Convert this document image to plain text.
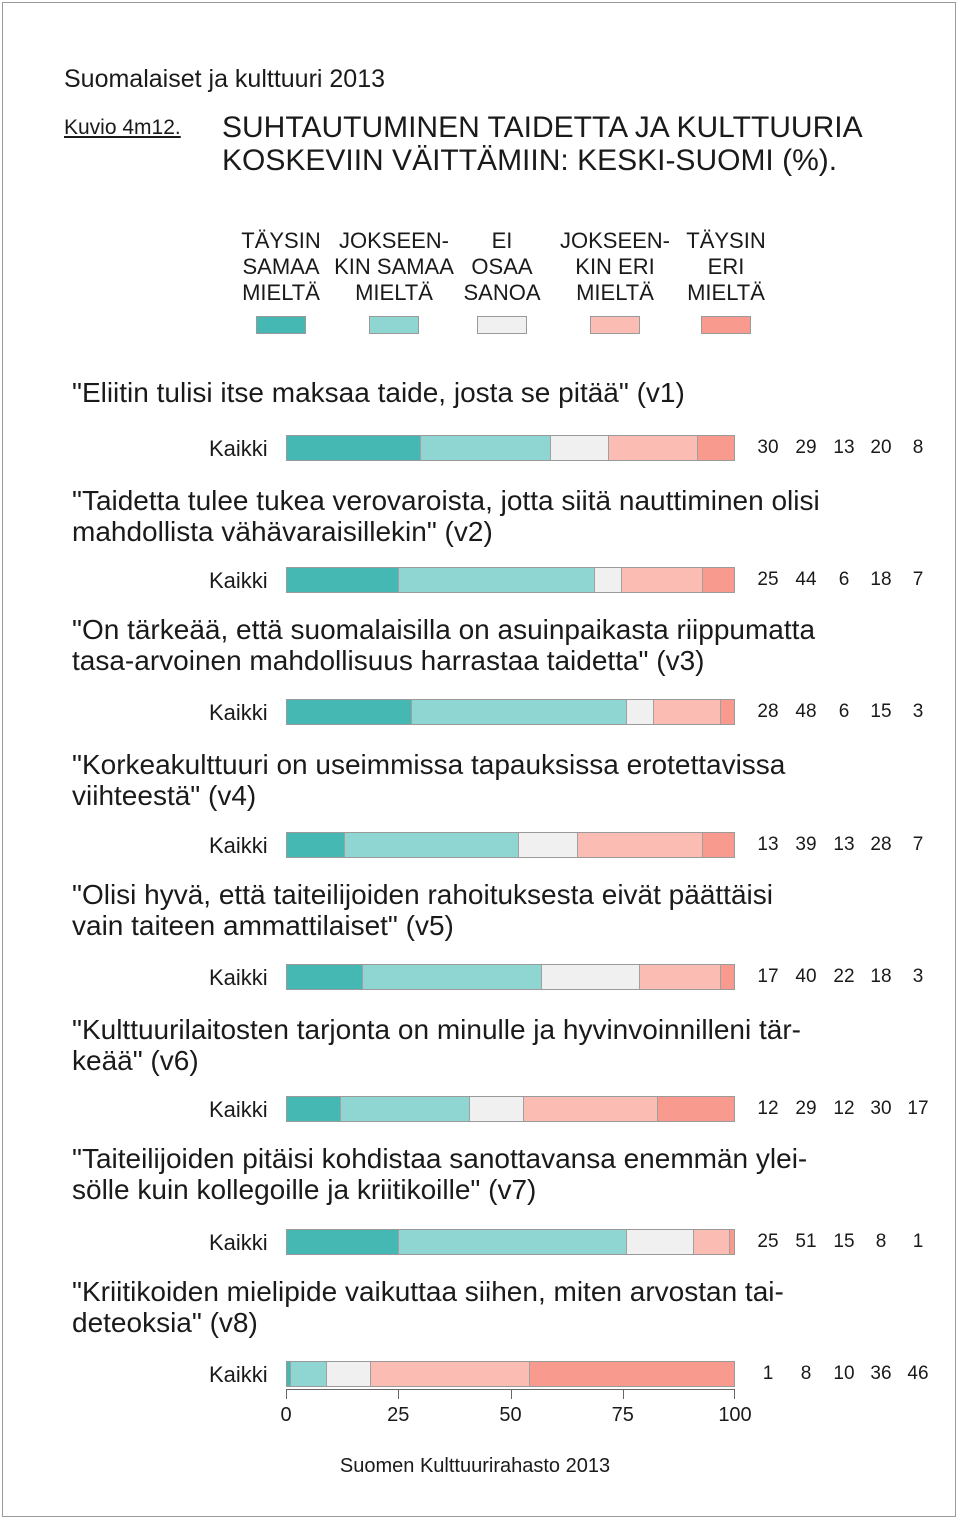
Suomalaiset ja kulttuuri 2013
Kuvio 4m12. SUHTAUTUMINEN TAIDETTA JA KULTTUURIA
KOSKEVIIN VÄITTÄMIIN: KESKI-SUOMI (%).
TÄYSIN
SAMAA
MIELTÄ
JOKSEEN-
KIN SAMAA
MIELTÄ
EI
OSAA
SANOA
JOKSEEN-
KIN ERI
MIELTÄ
TÄYSIN
ERI
MIELTÄ
"Eliitin tulisi itse maksaa taide, josta se pitää" (v1)
Kaikki	30 29 13 20	8
"Taidetta tulee tukea verovaroista, jotta siitä nauttiminen olisi
mahdollista vähävaraisillekin" (v2)
Kaikki	25 44	6	18	7
"On tärkeää, että suomalaisilla on asuinpaikasta riippumatta
tasa-arvoinen mahdollisuus harrastaa taidetta" (v3)
Kaikki	28 48	6	15	3
"Korkeakulttuuri on useimmissa tapauksissa erotettavissa
viihteestä" (v4)
Kaikki	13 39 13 28	7
"Olisi hyvä, että taiteilijoiden rahoituksesta eivät päättäisi
vain taiteen ammattilaiset" (v5)
Kaikki	17 40 22 18	3
"Kulttuurilaitosten tarjonta on minulle ja hyvinvoinnilleni tär-
keää" (v6)
Kaikki	12 29 12 30 17
"Taiteilijoiden pitäisi kohdistaa sanottavansa enemmän ylei-
sölle kuin kollegoille ja kriitikoille" (v7)
Kaikki	25 51 15	8	1
"Kriitikoiden mielipide vaikuttaa siihen, miten arvostan tai-
deteoksia" (v8)
Kaikki	1	8	10 36 46
0	25	50	75	100
Suomen Kulttuurirahasto 2013
